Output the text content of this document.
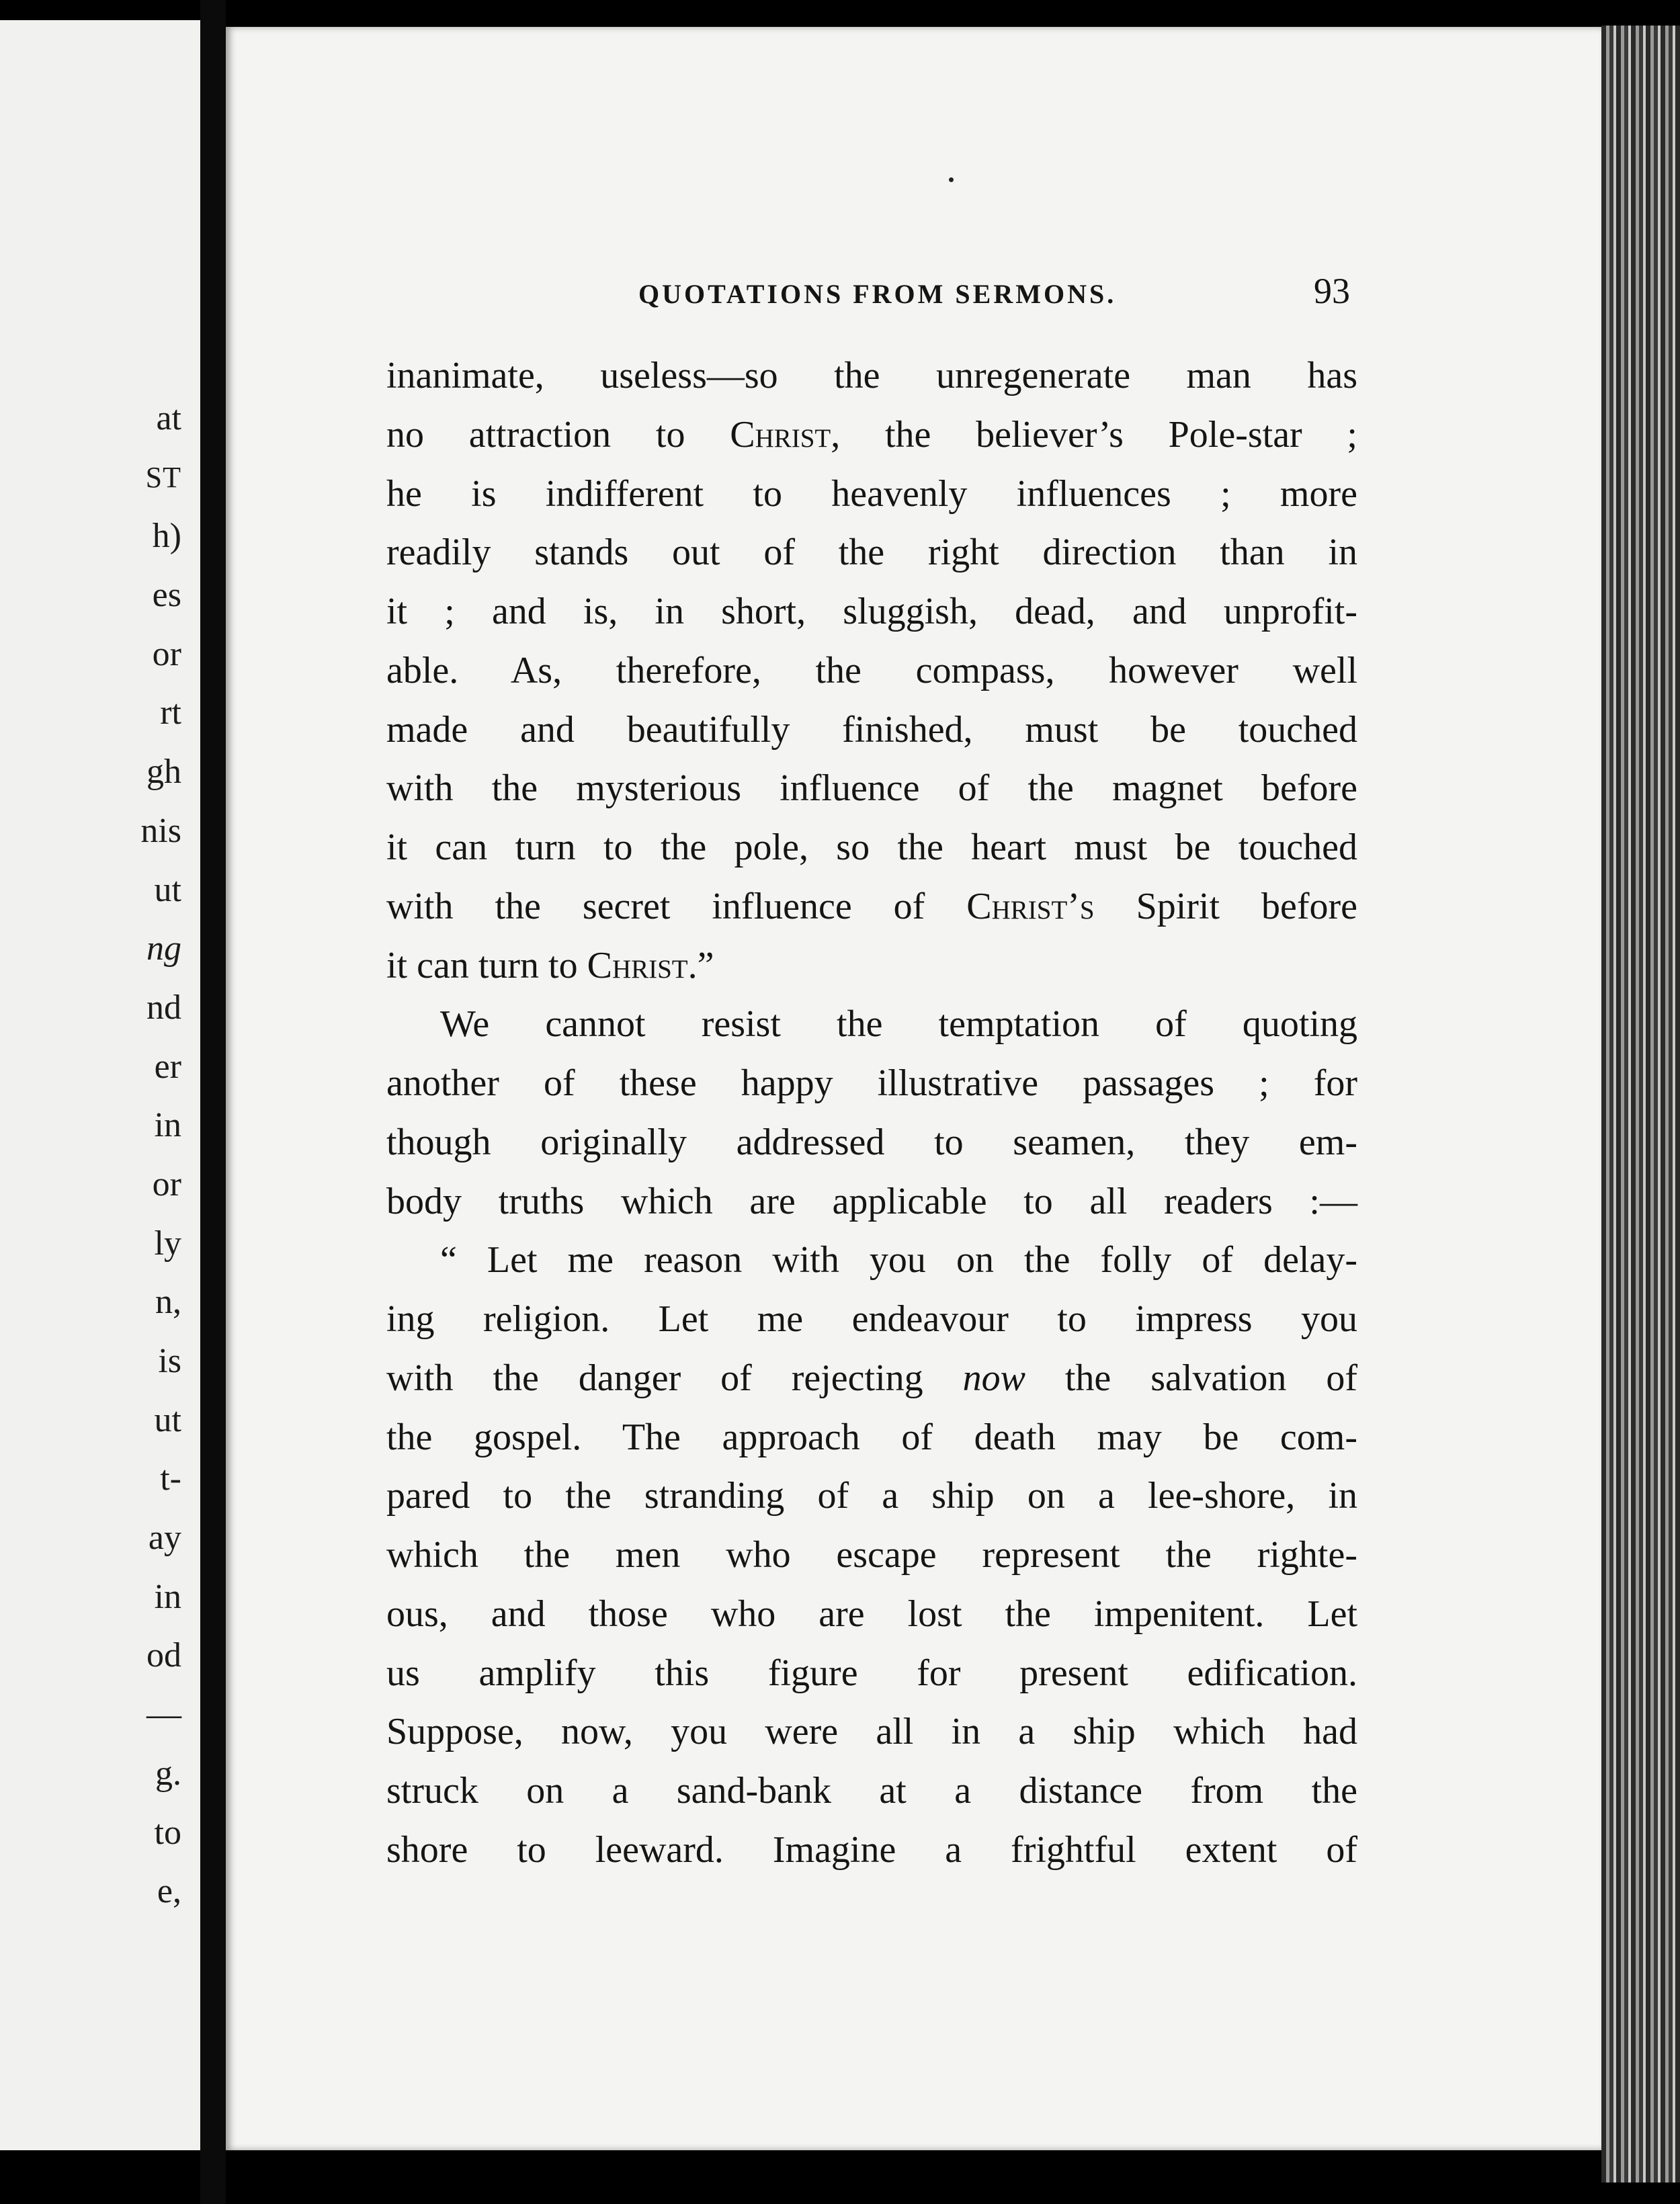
at
ST
h)
es
or
rt
gh
nis
ut
ng
nd
er
in
or
ly
n,
is
ut
t-
ay
in
od
—
g.
to
e,
QUOTATIONS FROM SERMONS.	93
inanimate, useless—so the unregenerate man has
no attraction to Christ, the believer’s Pole-star ;
he is indifferent to heavenly influences ; more
readily stands out of the right direction than in
it ; and is, in short, sluggish, dead, and unprofit-
able. As, therefore, the compass, however well
made and beautifully finished, must be touched
with the mysterious influence of the magnet before
it can turn to the pole, so the heart must be touched
with the secret influence of Christ’s Spirit before
it can turn to Christ.”
We cannot resist the temptation of quoting
another of these happy illustrative passages ; for
though originally addressed to seamen, they em-
body truths which are applicable to all readers :—
“ Let me reason with you on the folly of delay-
ing religion. Let me endeavour to impress you
with the danger of rejecting now the salvation of
the gospel. The approach of death may be com-
pared to the stranding of a ship on a lee-shore, in
which the men who escape represent the righte-
ous, and those who are lost the impenitent. Let
us amplify this figure for present edification.
Suppose, now, you were all in a ship which had
struck on a sand-bank at a distance from the
shore to leeward. Imagine a frightful extent of
